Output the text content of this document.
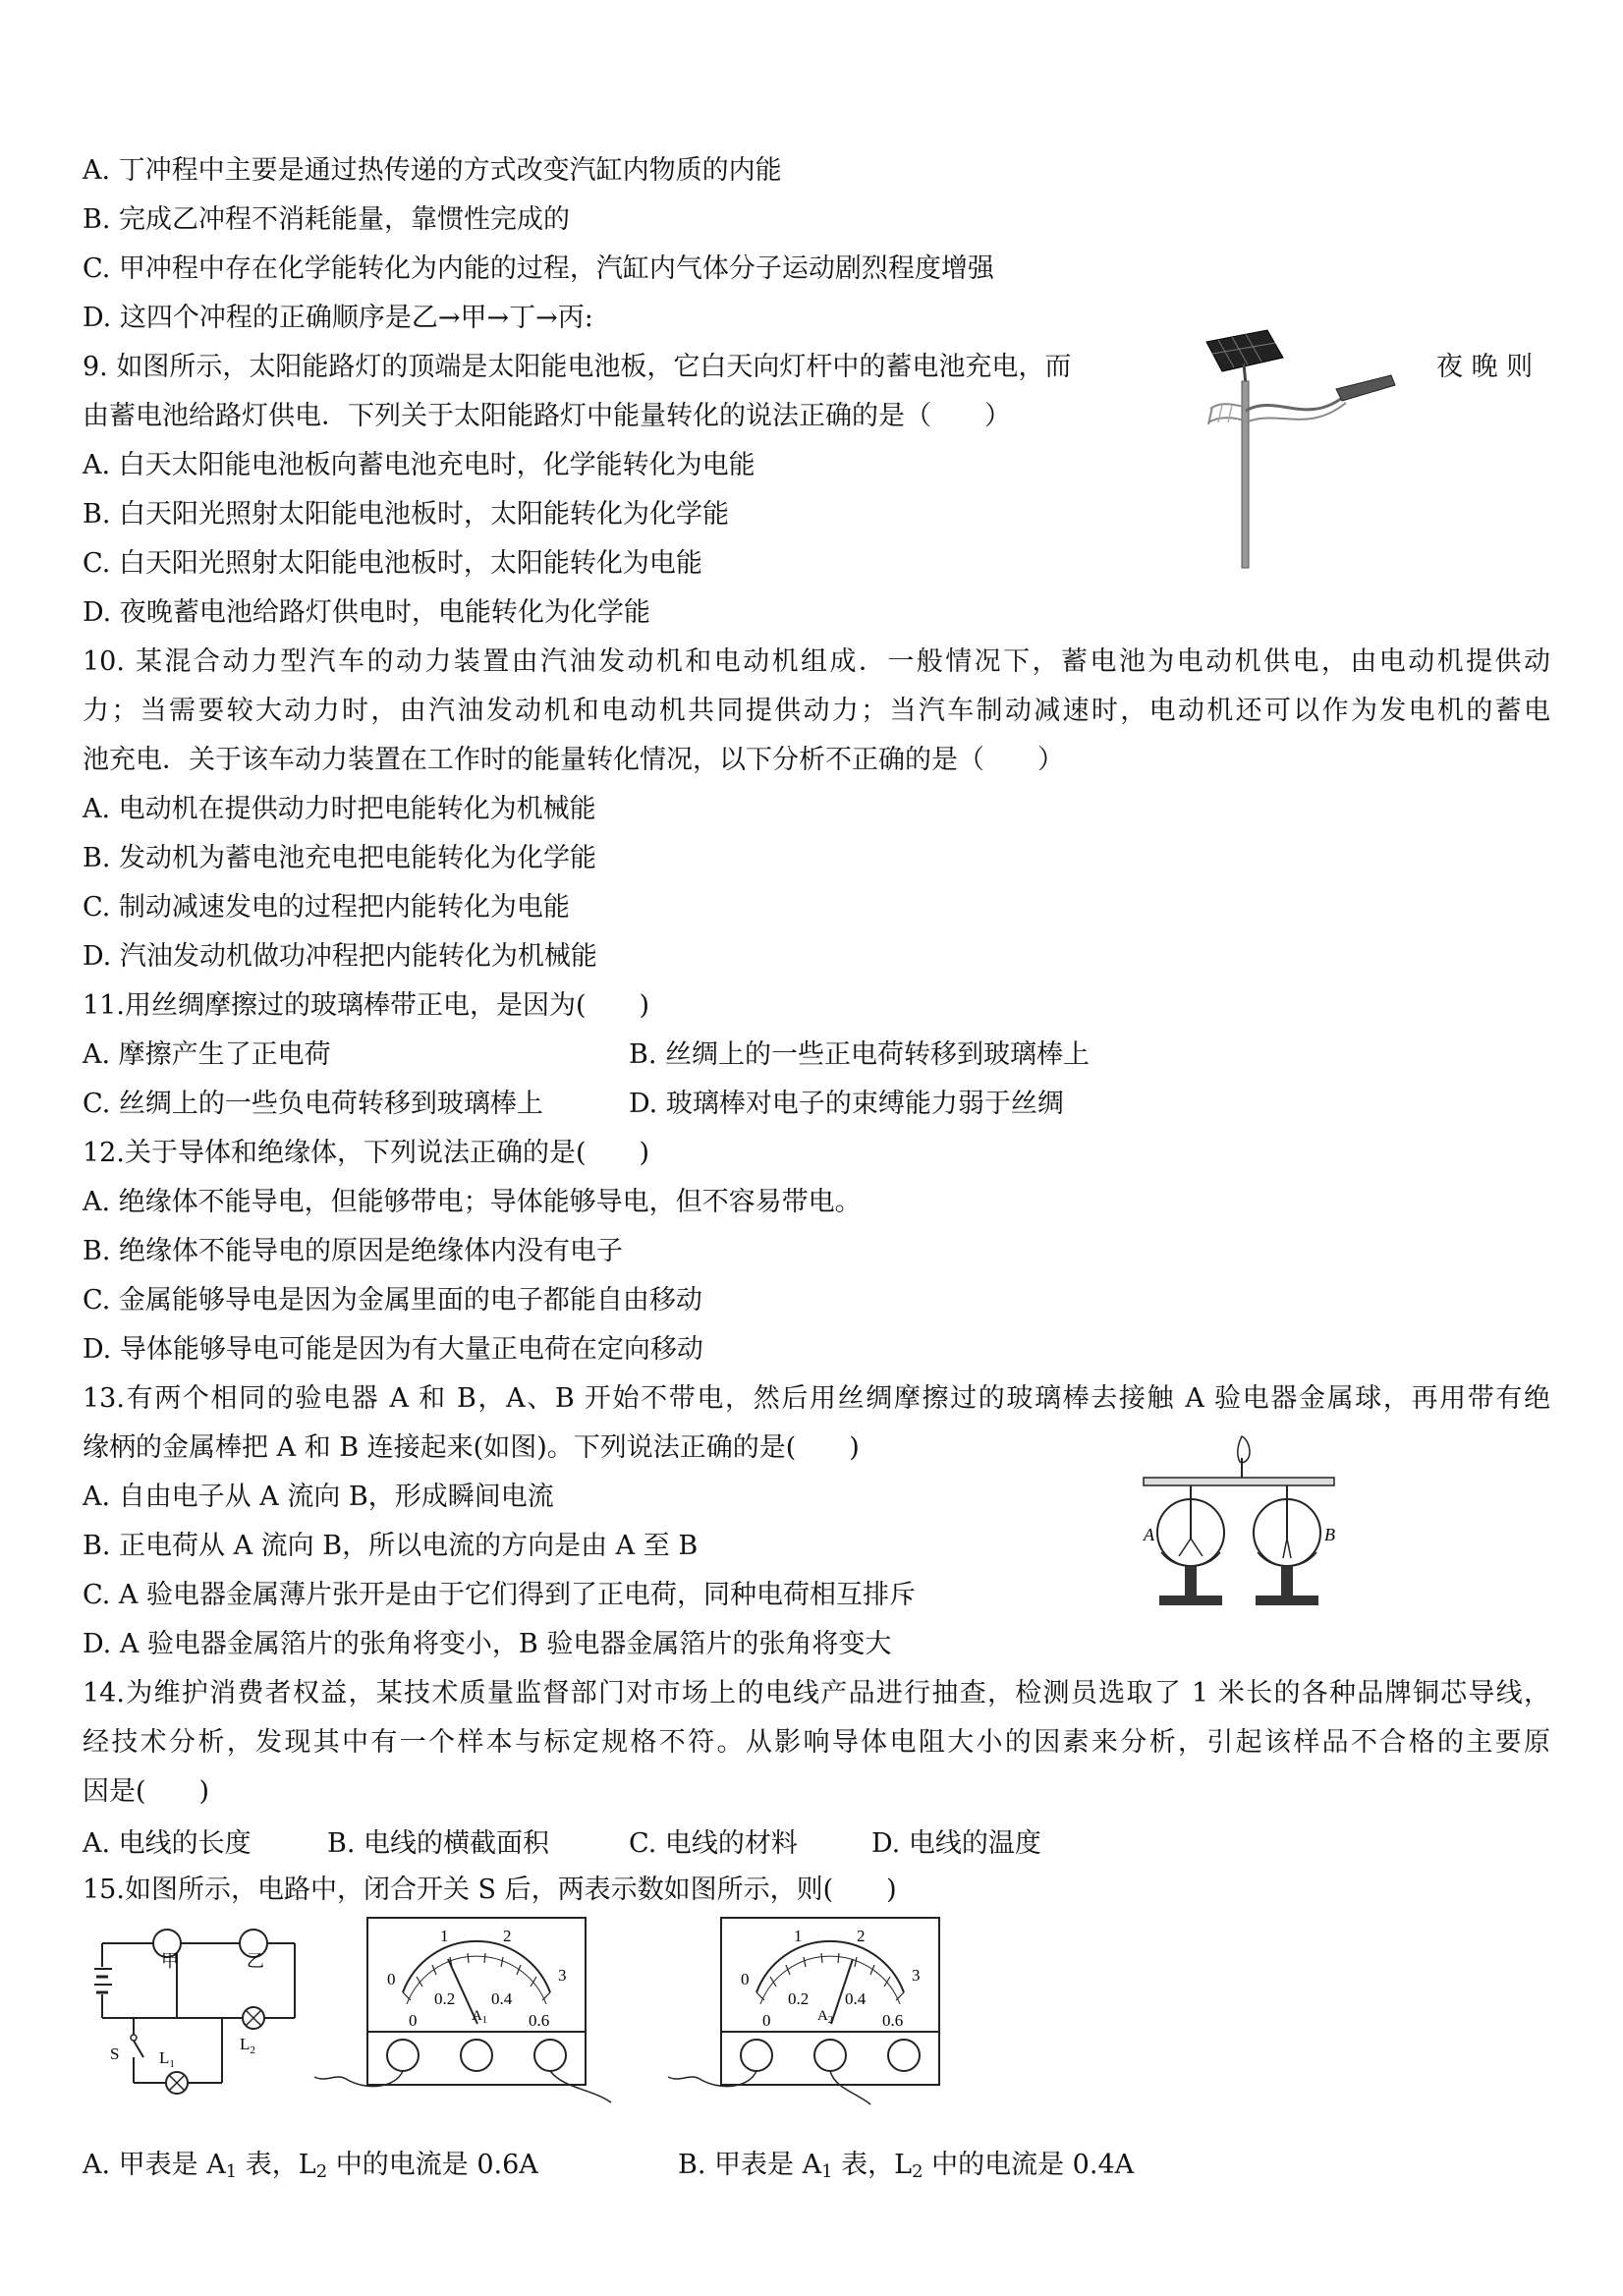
A. 丁冲程中主要是通过热传递的方式改变汽缸内物质的内能
B. 完成乙冲程不消耗能量，靠惯性完成的
C. 甲冲程中存在化学能转化为内能的过程，汽缸内气体分子运动剧烈程度增强
D. 这四个冲程的正确顺序是乙→甲→丁→丙:
9. 如图所示，太阳能路灯的顶端是太阳能电池板，它白天向灯杆中的蓄电池充电，而	夜 晚 则
由蓄电池给路灯供电．下列关于太阳能路灯中能量转化的说法正确的是（　　）
A. 白天太阳能电池板向蓄电池充电时，化学能转化为电能
B. 白天阳光照射太阳能电池板时，太阳能转化为化学能
C. 白天阳光照射太阳能电池板时，太阳能转化为电能
D. 夜晚蓄电池给路灯供电时，电能转化为化学能
10. 某混合动力型汽车的动力装置由汽油发动机和电动机组成．一般情况下，蓄电池为电动机供电，由电动机提供动
力；当需要较大动力时，由汽油发动机和电动机共同提供动力；当汽车制动减速时，电动机还可以作为发电机的蓄电
池充电．关于该车动力装置在工作时的能量转化情况，以下分析不正确的是（　　）
A. 电动机在提供动力时把电能转化为机械能
B. 发动机为蓄电池充电把电能转化为化学能
C. 制动减速发电的过程把内能转化为电能
D. 汽油发动机做功冲程把内能转化为机械能
11.用丝绸摩擦过的玻璃棒带正电，是因为(　　)
A. 摩擦产生了正电荷	B. 丝绸上的一些正电荷转移到玻璃棒上
C. 丝绸上的一些负电荷转移到玻璃棒上	D. 玻璃棒对电子的束缚能力弱于丝绸
12.关于导体和绝缘体，下列说法正确的是(　　)
A. 绝缘体不能导电，但能够带电；导体能够导电，但不容易带电。
B. 绝缘体不能导电的原因是绝缘体内没有电子
C. 金属能够导电是因为金属里面的电子都能自由移动
D. 导体能够导电可能是因为有大量正电荷在定向移动
13.有两个相同的验电器 A 和 B，A、B 开始不带电，然后用丝绸摩擦过的玻璃棒去接触 A 验电器金属球，再用带有绝
缘柄的金属棒把 A 和 B 连接起来(如图)。下列说法正确的是(　　)
A. 自由电子从 A 流向 B，形成瞬间电流
B. 正电荷从 A 流向 B，所以电流的方向是由 A 至 B
C. A 验电器金属薄片张开是由于它们得到了正电荷，同种电荷相互排斥
D. A 验电器金属箔片的张角将变小，B 验电器金属箔片的张角将变大
A	B
14.为维护消费者权益，某技术质量监督部门对市场上的电线产品进行抽查，检测员选取了 1 米长的各种品牌铜芯导线，
经技术分析，发现其中有一个样本与标定规格不符。从影响导体电阻大小的因素来分析，引起该样品不合格的主要原
因是(　　)
A. 电线的长度	B. 电线的横截面积	C. 电线的材料	D. 电线的温度
15.如图所示，电路中，闭合开关 S 后，两表示数如图所示，则(　　)
甲	乙
$L_2$
S $L_1$
0
1	2
3
0
0.2 0.4
0.6
$A_1$
0
1	2
3
0
0.2 0.4
0.6
$A_2$
A. 甲表是 $A_1$ 表，$L_2$ 中的电流是 0.6A	B. 甲表是 $A_1$ 表，$L_2$ 中的电流是 0.4A
